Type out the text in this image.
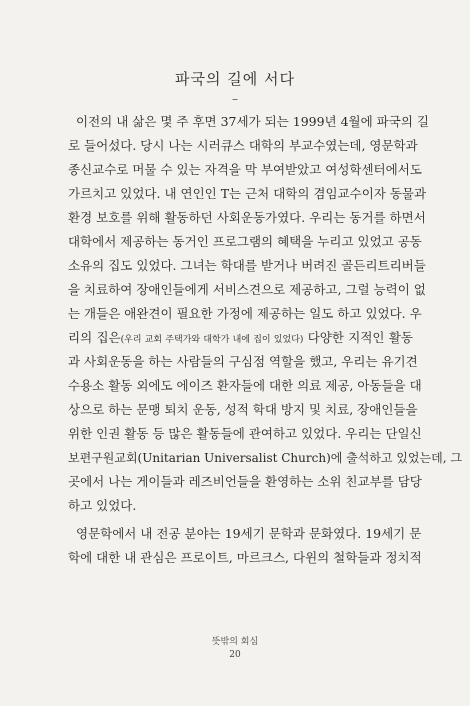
파국의 길에 서다
–
이전의 내 삶은 몇 주 후면 37세가 되는 1999년 4월에 파국의 길
로 들어섰다. 당시 나는 시러큐스 대학의 부교수였는데, 영문학과
종신교수로 머물 수 있는 자격을 막 부여받았고 여성학센터에서도
가르치고 있었다. 내 연인인 T는 근처 대학의 겸임교수이자 동물과
환경 보호를 위해 활동하던 사회운동가였다. 우리는 동거를 하면서
대학에서 제공하는 동거인 프로그램의 혜택을 누리고 있었고 공동
소유의 집도 있었다. 그녀는 학대를 받거나 버려진 골든리트리버들
을 치료하여 장애인들에게 서비스견으로 제공하고, 그럴 능력이 없
는 개들은 애완견이 필요한 가정에 제공하는 일도 하고 있었다. 우
리의 집은(우리 교회 주택가와 대학가 내에 집이 있었다) 다양한 지적인 활동
과 사회운동을 하는 사람들의 구심점 역할을 했고, 우리는 유기견
수용소 활동 외에도 에이즈 환자들에 대한 의료 제공, 아동들을 대
상으로 하는 문맹 퇴치 운동, 성적 학대 방지 및 치료, 장애인들을
위한 인권 활동 등 많은 활동들에 관여하고 있었다. 우리는 단일신
보편구원교회(Unitarian Universalist Church)에 출석하고 있었는데, 그
곳에서 나는 게이들과 레즈비언들을 환영하는 소위 친교부를 담당
하고 있었다.
영문학에서 내 전공 분야는 19세기 문학과 문화였다. 19세기 문
학에 대한 내 관심은 프로이트, 마르크스, 다윈의 철학들과 정치적
뜻밖의 회심
20
